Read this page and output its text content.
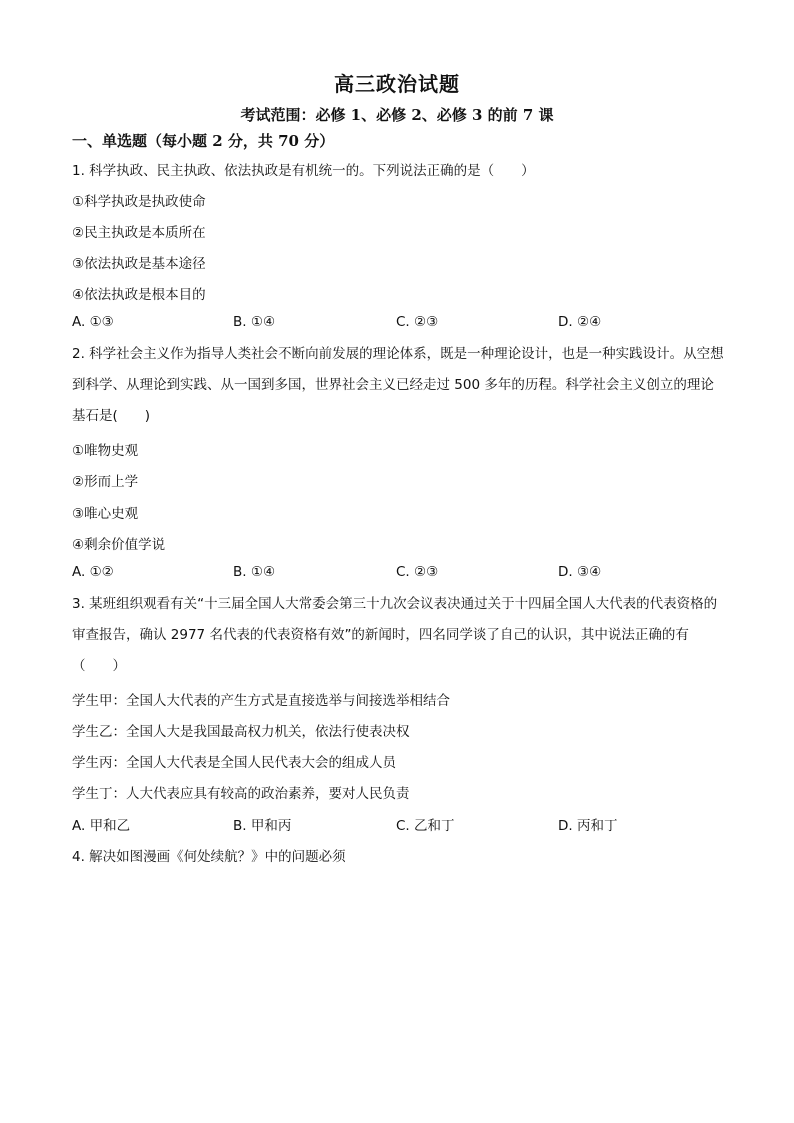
高三政治试题
考试范围：必修 1、必修 2、必修 3 的前 7 课
一、单选题（每小题 2 分，共 70 分）
1. 科学执政、民主执政、依法执政是有机统一的。下列说法正确的是（　　）
①科学执政是执政使命
②民主执政是本质所在
③依法执政是基本途径
④依法执政是根本目的
A. ①③	B. ①④	C. ②③	D. ②④
2. 科学社会主义作为指导人类社会不断向前发展的理论体系，既是一种理论设计，也是一种实践设计。从空想到科学、从理论到实践、从一国到多国，世界社会主义已经走过 500 多年的历程。科学社会主义创立的理论基石是(　　)
①唯物史观
②形而上学
③唯心史观
④剩余价值学说
A. ①②	B. ①④	C. ②③	D. ③④
3. 某班组织观看有关“十三届全国人大常委会第三十九次会议表决通过关于十四届全国人大代表的代表资格的审查报告，确认 2977 名代表的代表资格有效”的新闻时，四名同学谈了自己的认识，其中说法正确的有（　　）
学生甲：全国人大代表的产生方式是直接选举与间接选举相结合
学生乙：全国人大是我国最高权力机关，依法行使表决权
学生丙：全国人大代表是全国人民代表大会的组成人员
学生丁：人大代表应具有较高的政治素养，要对人民负责
A. 甲和乙	B. 甲和丙	C. 乙和丁	D. 丙和丁
4. 解决如图漫画《何处续航？》中的问题必须
